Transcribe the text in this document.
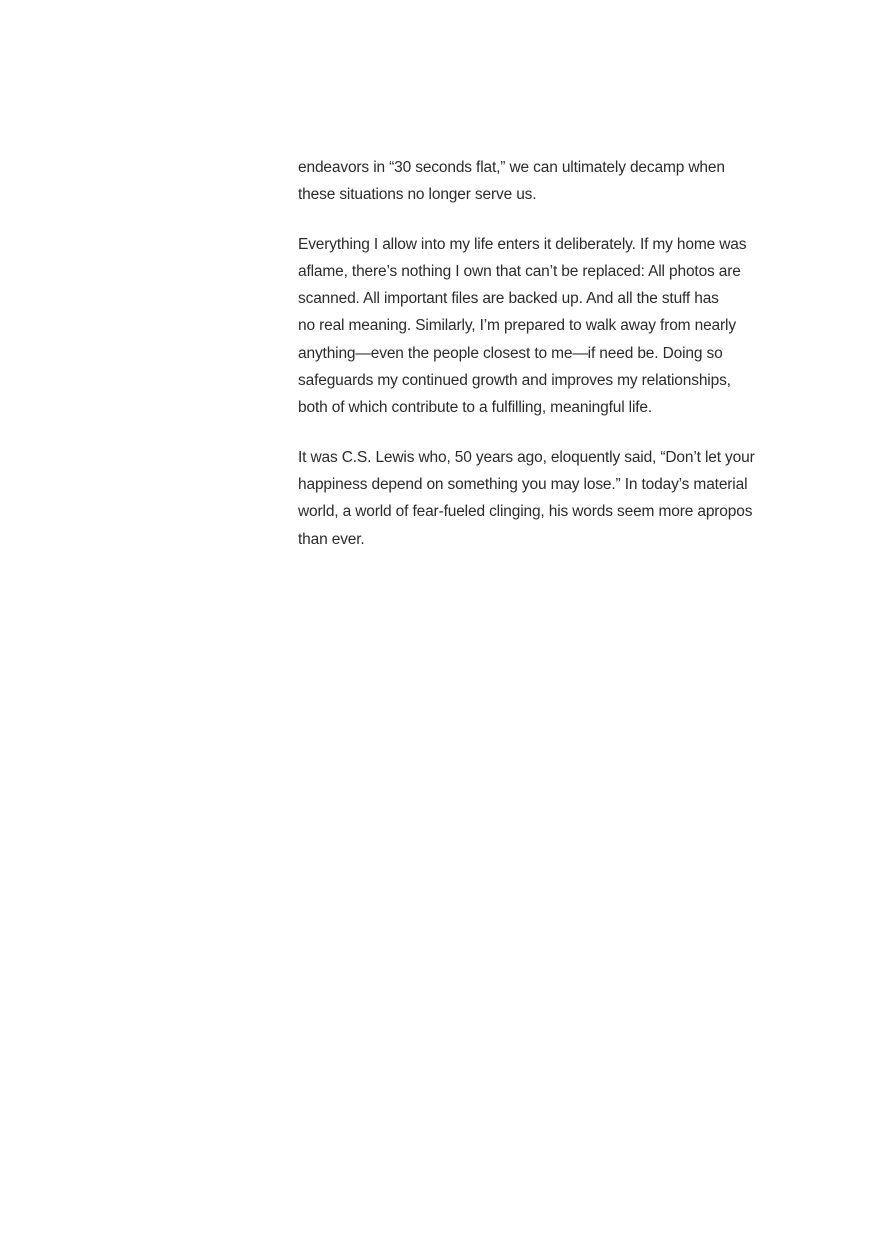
endeavors in “30 seconds flat,” we can ultimately decamp when
these situations no longer serve us.

Everything I allow into my life enters it deliberately. If my home was
aflame, there’s nothing I own that can’t be replaced: All photos are
scanned. All important files are backed up. And all the stuff has
no real meaning. Similarly, I’m prepared to walk away from nearly
anything—even the people closest to me—if need be. Doing so
safeguards my continued growth and improves my relationships,
both of which contribute to a fulfilling, meaningful life.

It was C.S. Lewis who, 50 years ago, eloquently said, “Don’t let your
happiness depend on something you may lose.” In today’s material
world, a world of fear-fueled clinging, his words seem more apropos
than ever.
